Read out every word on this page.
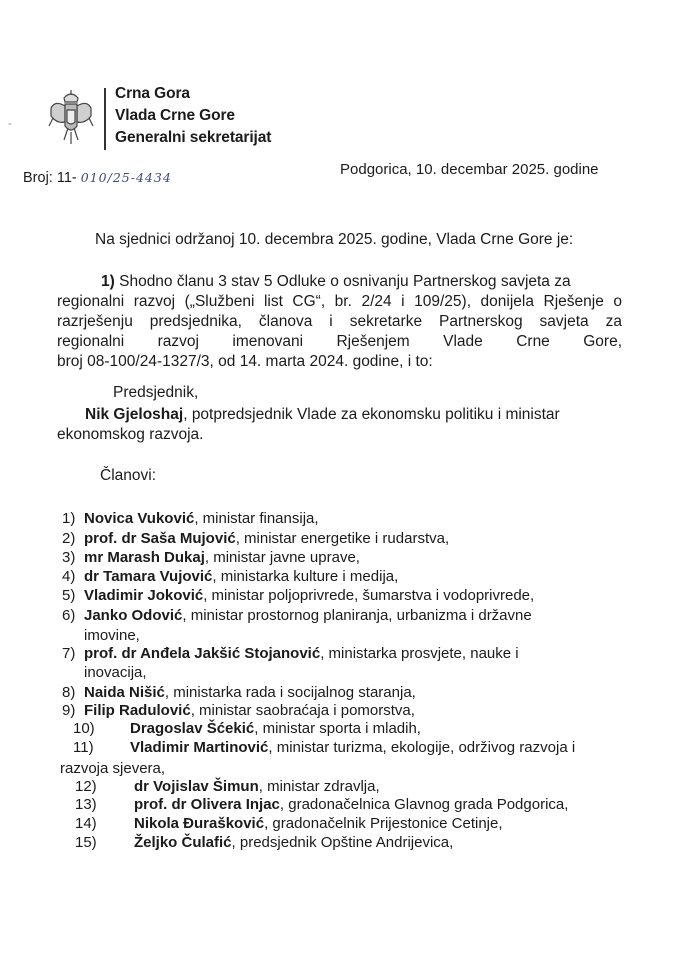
Crna Gora
Vlada Crne Gore
Generalni sekretarijat
-
Broj: 11- 010/25-4434	Podgorica, 10. decembar 2025. godine
Na sjednici održanoj 10. decembra 2025. godine, Vlada Crne Gore je:
1) Shodno članu 3 stav 5 Odluke o osnivanju Partnerskog savjeta za
regionalni razvoj („Službeni list CG“, br. 2/24 i 109/25), donijela Rješenje o
razrješenju predsjednika, članova i sekretarke Partnerskog savjeta za
regionalni razvoj imenovani Rješenjem Vlade Crne Gore,
broj 08-100/24-1327/3, od 14. marta 2024. godine, i to:
Predsjednik,
Nik Gjeloshaj, potpredsjednik Vlade za ekonomsku politiku i ministar
ekonomskog razvoja.
Članovi:
1) Novica Vuković, ministar finansija,
2) prof. dr Saša Mujović, ministar energetike i rudarstva,
3) mr Marash Dukaj, ministar javne uprave,
4) dr Tamara Vujović, ministarka kulture i medija,
5) Vladimir Joković, ministar poljoprivrede, šumarstva i vodoprivrede,
6) Janko Odović, ministar prostornog planiranja, urbanizma i državne
imovine,
7) prof. dr Anđela Jakšić Stojanović, ministarka prosvjete, nauke i
inovacija,
8) Naida Nišić, ministarka rada i socijalnog staranja,
9) Filip Radulović, ministar saobraćaja i pomorstva,
10) Dragoslav Šćekić, ministar sporta i mladih,
11) Vladimir Martinović, ministar turizma, ekologije, održivog razvoja i
razvoja sjevera,
12) dr Vojislav Šimun, ministar zdravlja,
13) prof. dr Olivera Injac, gradonačelnica Glavnog grada Podgorica,
14) Nikola Đurašković, gradonačelnik Prijestonice Cetinje,
15) Željko Čulafić, predsjednik Opštine Andrijevica,
